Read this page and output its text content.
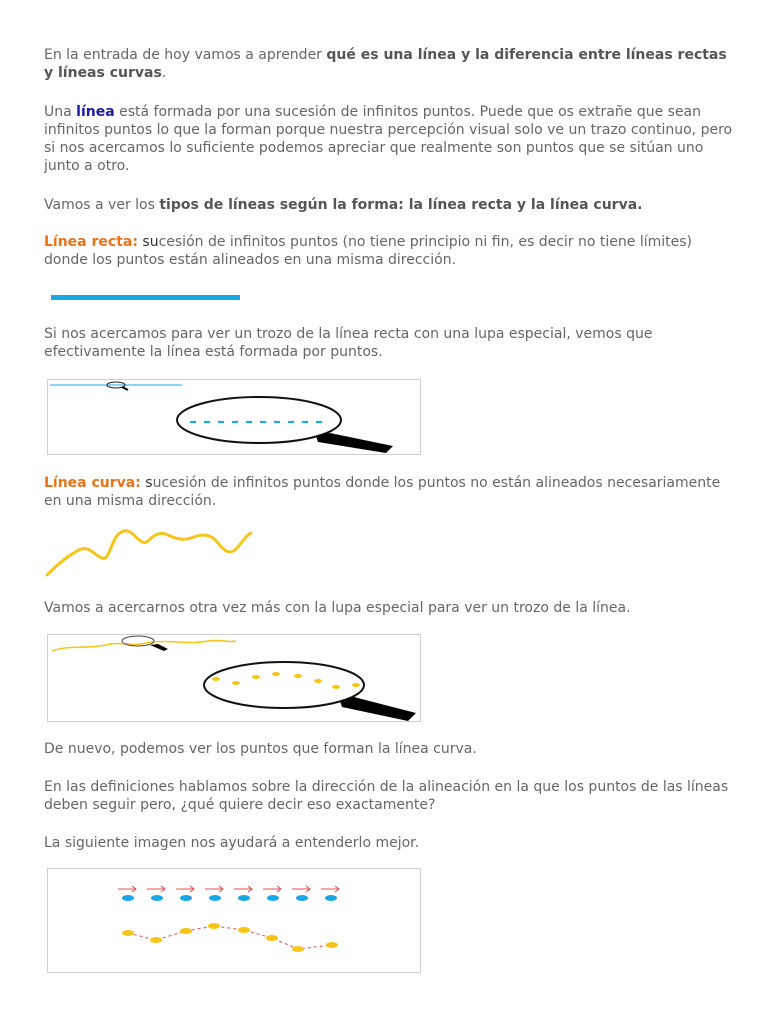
En la entrada de hoy vamos a aprender qué es una línea y la diferencia entre líneas rectas y líneas curvas.

Una línea está formada por una sucesión de infinitos puntos. Puede que os extrañe que sean infinitos puntos lo que la forman porque nuestra percepción visual solo ve un trazo continuo, pero si nos acercamos lo suficiente podemos apreciar que realmente son puntos que se sitúan uno junto a otro.

Vamos a ver los tipos de líneas según la forma: la línea recta y la línea curva.

Línea recta: sucesión de infinitos puntos (no tiene principio ni fin, es decir no tiene límites) donde los puntos están alineados en una misma dirección.

Si nos acercamos para ver un trozo de la línea recta con una lupa especial, vemos que efectivamente la línea está formada por puntos.

Línea curva: sucesión de infinitos puntos donde los puntos no están alineados necesariamente en una misma dirección.

Vamos a acercarnos otra vez más con la lupa especial para ver un trozo de la línea.

De nuevo, podemos ver los puntos que forman la línea curva.

En las definiciones hablamos sobre la dirección de la alineación en la que los puntos de las líneas deben seguir pero, ¿qué quiere decir eso exactamente?

La siguiente imagen nos ayudará a entenderlo mejor.
